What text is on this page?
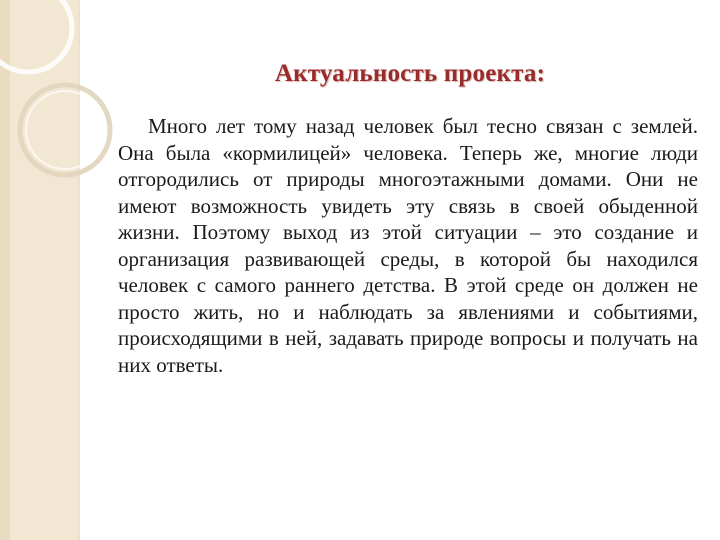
Актуальность проекта:

Много лет тому назад человек был тесно связан с землей. Она была «кормилицей» человека. Теперь же, многие люди отгородились от природы многоэтажными домами. Они не имеют возможность увидеть эту связь в своей обыденной жизни. Поэтому выход из этой ситуации – это создание и организация развивающей среды, в которой бы находился человек с самого раннего детства. В этой среде он должен не просто жить, но и наблюдать за явлениями и событиями, происходящими в ней, задавать природе вопросы и получать на них ответы.
